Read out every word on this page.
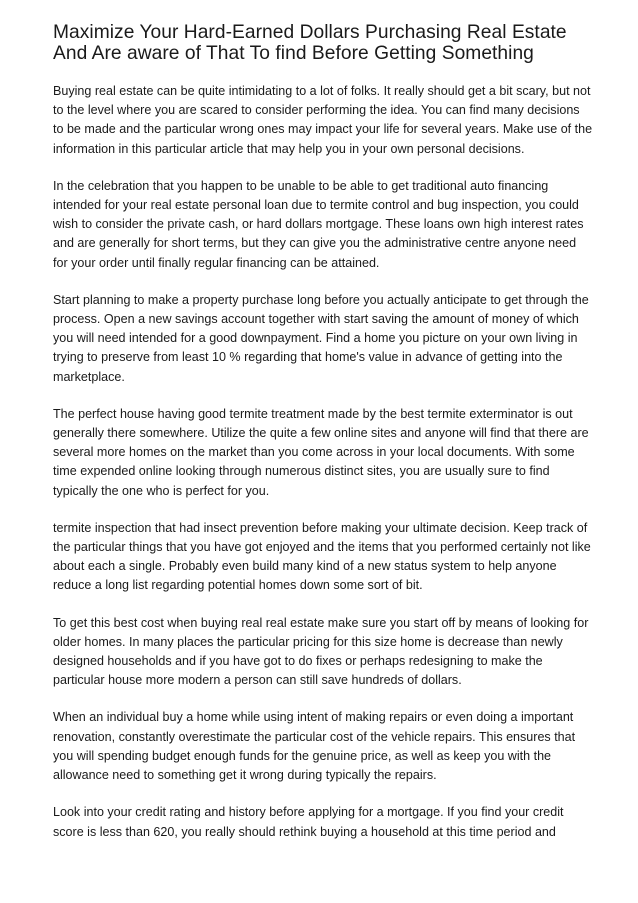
Maximize Your Hard-Earned Dollars Purchasing Real Estate And Are aware of That To find Before Getting Something

Buying real estate can be quite intimidating to a lot of folks. It really should get a bit scary, but not to the level where you are scared to consider performing the idea. You can find many decisions to be made and the particular wrong ones may impact your life for several years. Make use of the information in this particular article that may help you in your own personal decisions.

In the celebration that you happen to be unable to be able to get traditional auto financing intended for your real estate personal loan due to termite control and bug inspection, you could wish to consider the private cash, or hard dollars mortgage. These loans own high interest rates and are generally for short terms, but they can give you the administrative centre anyone need for your order until finally regular financing can be attained.

Start planning to make a property purchase long before you actually anticipate to get through the process. Open a new savings account together with start saving the amount of money of which you will need intended for a good downpayment. Find a home you picture on your own living in trying to preserve from least 10 % regarding that home's value in advance of getting into the marketplace.

The perfect house having good termite treatment made by the best termite exterminator is out generally there somewhere. Utilize the quite a few online sites and anyone will find that there are several more homes on the market than you come across in your local documents. With some time expended online looking through numerous distinct sites, you are usually sure to find typically the one who is perfect for you.

termite inspection that had insect prevention before making your ultimate decision. Keep track of the particular things that you have got enjoyed and the items that you performed certainly not like about each a single. Probably even build many kind of a new status system to help anyone reduce a long list regarding potential homes down some sort of bit.

To get this best cost when buying real real estate make sure you start off by means of looking for older homes. In many places the particular pricing for this size home is decrease than newly designed households and if you have got to do fixes or perhaps redesigning to make the particular house more modern a person can still save hundreds of dollars.

When an individual buy a home while using intent of making repairs or even doing a important renovation, constantly overestimate the particular cost of the vehicle repairs. This ensures that you will spending budget enough funds for the genuine price, as well as keep you with the allowance need to something get it wrong during typically the repairs.

Look into your credit rating and history before applying for a mortgage. If you find your credit score is less than 620, you really should rethink buying a household at this time period and
